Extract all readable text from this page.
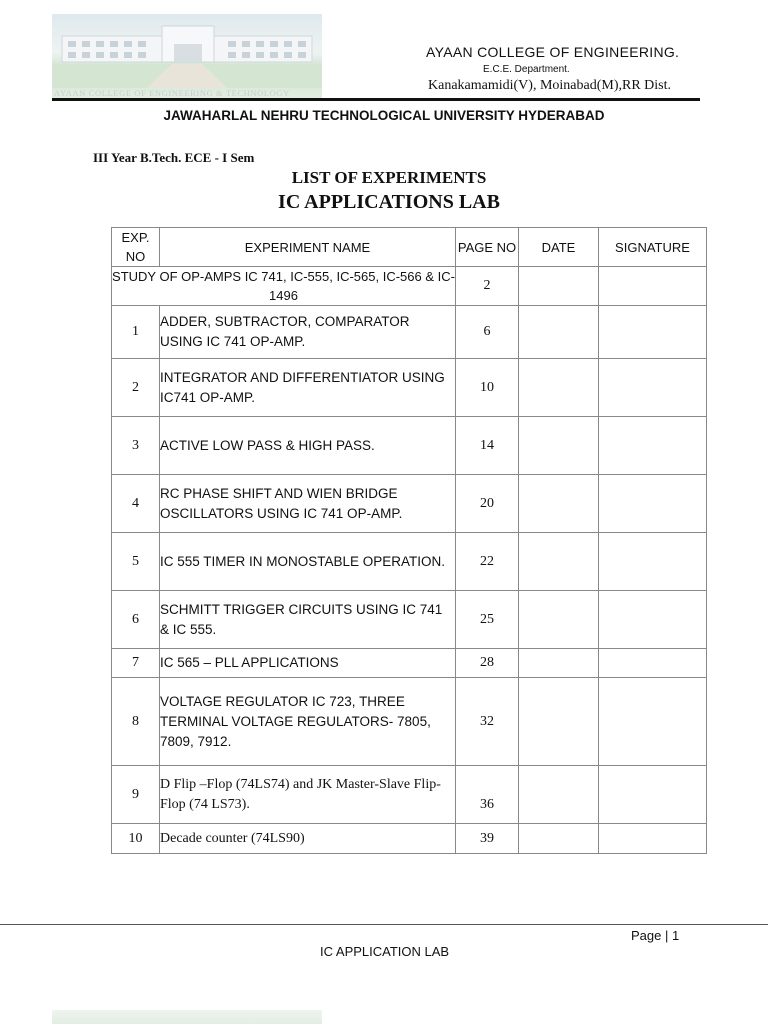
AYAAN COLLEGE OF ENGINEERING & TECHNOLOGY
AYAAN COLLEGE OF ENGINEERING.
E.C.E. Department.
Kanakamamidi(V), Moinabad(M),RR Dist.
JAWAHARLAL NEHRU TECHNOLOGICAL UNIVERSITY HYDERABAD
III Year B.Tech. ECE - I Sem
LIST OF EXPERIMENTS
IC APPLICATIONS LAB
EXP. NO	EXPERIMENT NAME	PAGE NO	DATE	SIGNATURE
STUDY OF OP-AMPS IC 741, IC-555, IC-565, IC-566 & IC-1496		2		
1	ADDER, SUBTRACTOR, COMPARATOR USING IC 741 OP-AMP.	6		
2	INTEGRATOR AND DIFFERENTIATOR USING IC741 OP-AMP.	10		
3	ACTIVE LOW PASS & HIGH PASS.	14		
4	RC PHASE SHIFT AND WIEN BRIDGE OSCILLATORS USING IC 741 OP-AMP.	20		
5	IC 555 TIMER IN MONOSTABLE OPERATION.	22		
6	SCHMITT TRIGGER CIRCUITS USING IC 741 & IC 555.	25		
7	IC 565 – PLL APPLICATIONS	28		
8	VOLTAGE REGULATOR IC 723, THREE TERMINAL VOLTAGE REGULATORS- 7805, 7809, 7912.	32		
9	D Flip –Flop (74LS74) and JK Master-Slave Flip-Flop (74 LS73).	36		
10	Decade counter (74LS90)	39		
Page | 1
IC APPLICATION LAB
